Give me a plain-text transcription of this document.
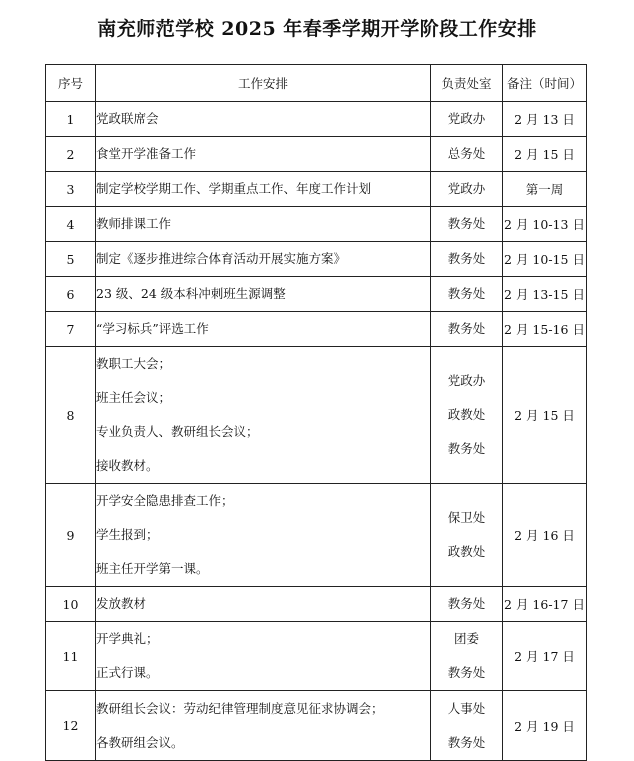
南充师范学校 2025 年春季学期开学阶段工作安排
序号	工作安排	负责处室	备注（时间）
1	党政联席会	党政办	2 月 13 日
2	食堂开学准备工作	总务处	2 月 15 日
3	制定学校学期工作、学期重点工作、年度工作计划	党政办	第一周
4	教师排课工作	教务处	2 月 10-13 日
5	制定《逐步推进综合体育活动开展实施方案》	教务处	2 月 10-15 日
6	23 级、24 级本科冲刺班生源调整	教务处	2 月 13-15 日
7	“学习标兵”评选工作	教务处	2 月 15-16 日
8	教职工大会；
班主任会议；
专业负责人、教研组长会议；
接收教材。	党政办
政教处
教务处	2 月 15 日
9	开学安全隐患排查工作；
学生报到；
班主任开学第一课。	保卫处
政教处	2 月 16 日
10	发放教材	教务处	2 月 16-17 日
11	开学典礼；
正式行课。	团委
教务处	2 月 17 日
12	教研组长会议：劳动纪律管理制度意见征求协调会；
各教研组会议。	人事处
教务处	2 月 19 日
